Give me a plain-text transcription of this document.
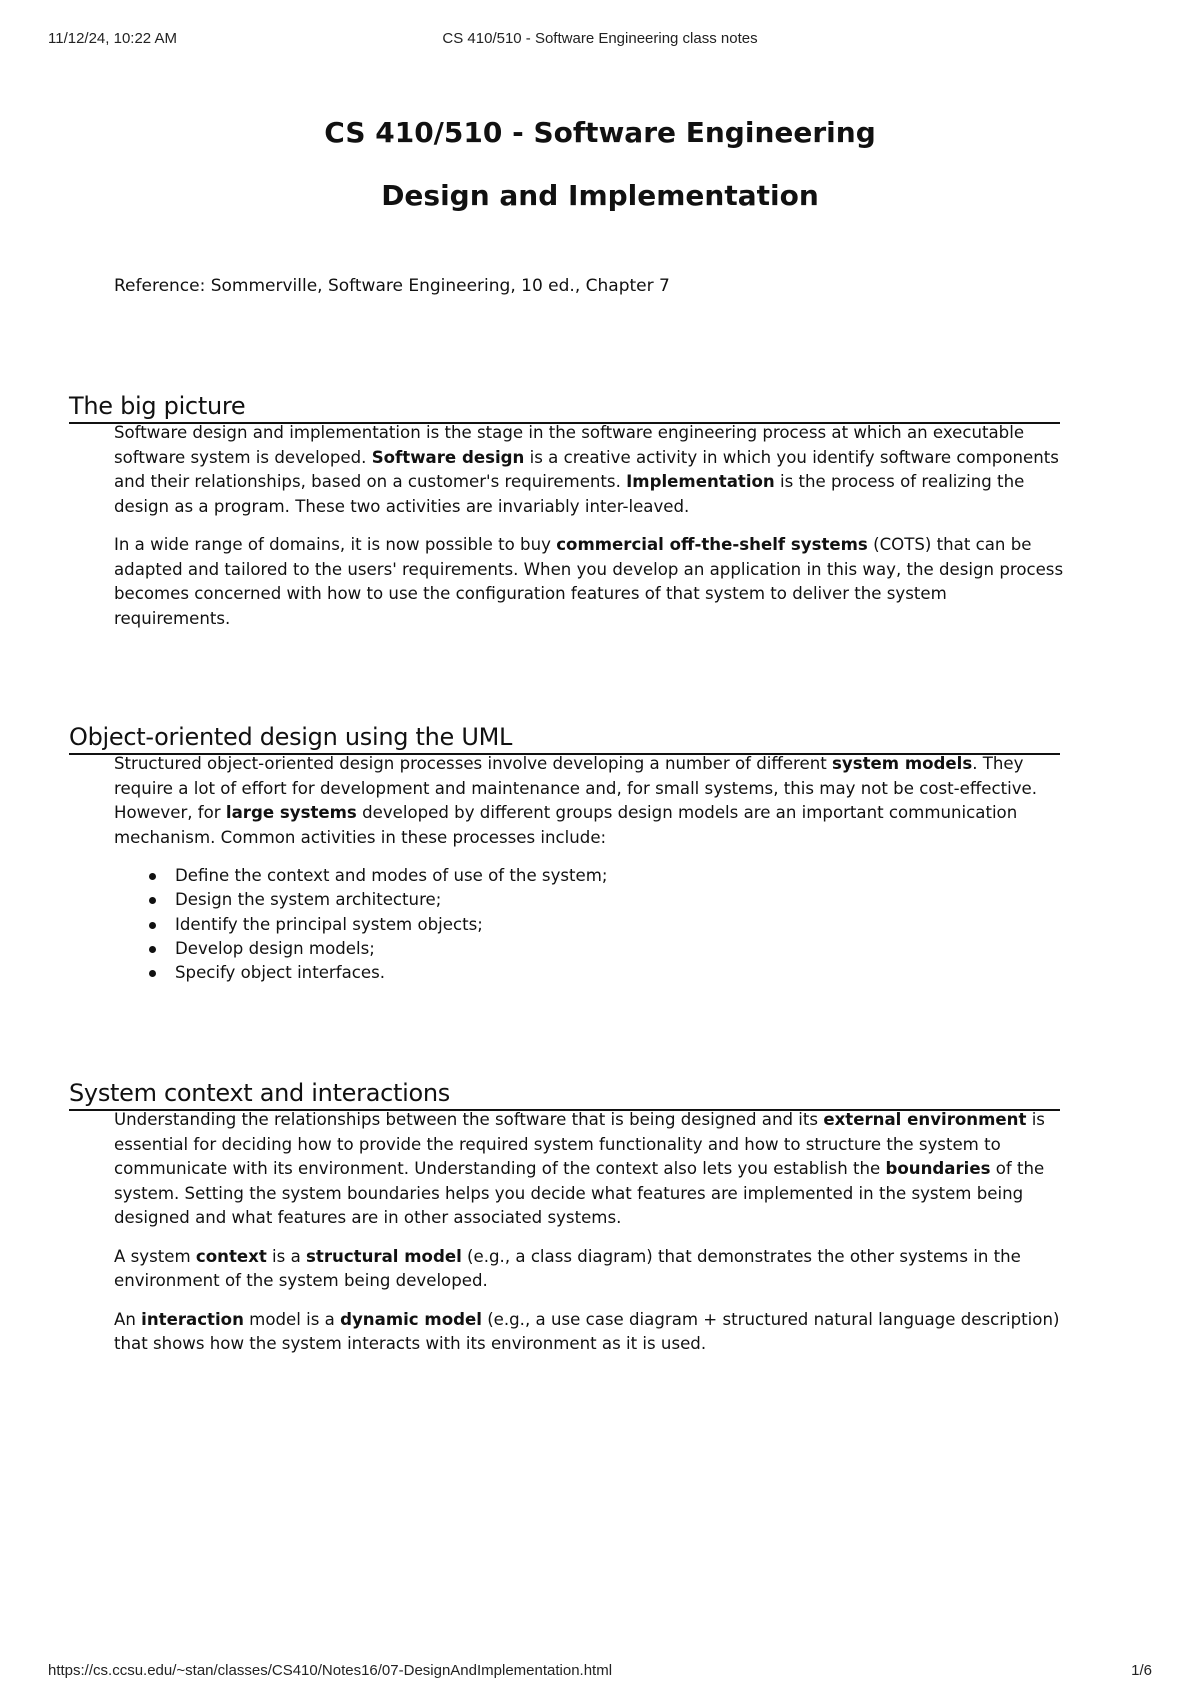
11/12/24, 10:22 AM	CS 410/510 - Software Engineering class notes
CS 410/510 - Software Engineering
Design and Implementation
Reference: Sommerville, Software Engineering, 10 ed., Chapter 7
The big picture

Software design and implementation is the stage in the software engineering process at which an executable software system is developed. Software design is a creative activity in which you identify software components and their relationships, based on a customer's requirements. Implementation is the process of realizing the design as a program. These two activities are invariably inter-leaved.

In a wide range of domains, it is now possible to buy commercial off-the-shelf systems (COTS) that can be adapted and tailored to the users' requirements. When you develop an application in this way, the design process becomes concerned with how to use the configuration features of that system to deliver the system requirements.

Object-oriented design using the UML

Structured object-oriented design processes involve developing a number of different system models. They require a lot of effort for development and maintenance and, for small systems, this may not be cost-effective. However, for large systems developed by different groups design models are an important communication mechanism. Common activities in these processes include:

Define the context and modes of use of the system;
Design the system architecture;
Identify the principal system objects;
Develop design models;
Specify object interfaces.
System context and interactions

Understanding the relationships between the software that is being designed and its external environment is essential for deciding how to provide the required system functionality and how to structure the system to communicate with its environment. Understanding of the context also lets you establish the boundaries of the system. Setting the system boundaries helps you decide what features are implemented in the system being designed and what features are in other associated systems.

A system context is a structural model (e.g., a class diagram) that demonstrates the other systems in the environment of the system being developed.

An interaction model is a dynamic model (e.g., a use case diagram + structured natural language description) that shows how the system interacts with its environment as it is used.

https://cs.ccsu.edu/~stan/classes/CS410/Notes16/07-DesignAndImplementation.html	1/6
